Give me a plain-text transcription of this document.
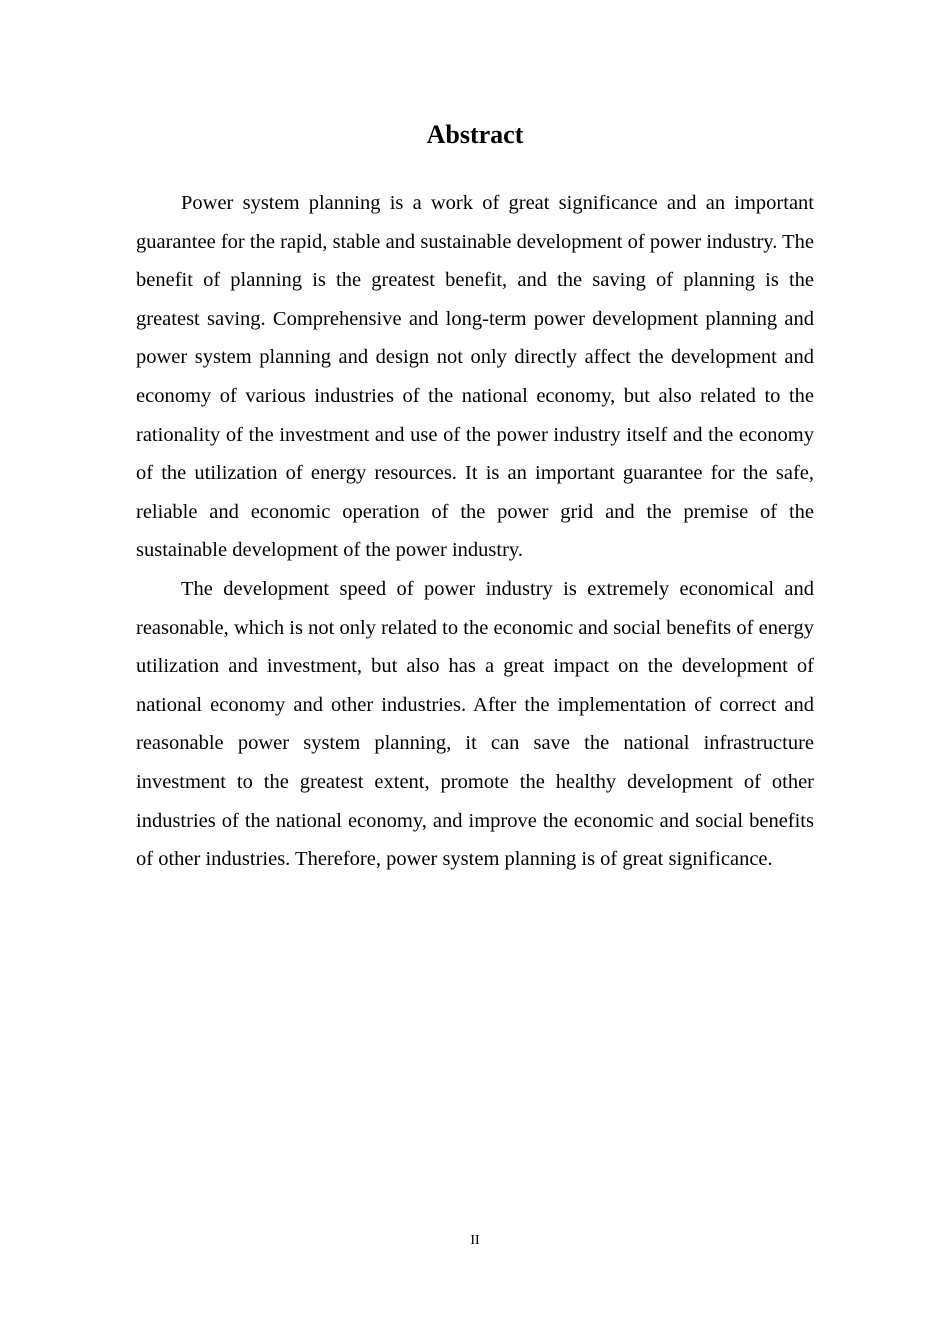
Abstract

Power system planning is a work of great significance and an important guarantee for the rapid, stable and sustainable development of power industry. The benefit of planning is the greatest benefit, and the saving of planning is the greatest saving. Comprehensive and long-term power development planning and power system planning and design not only directly affect the development and economy of various industries of the national economy, but also related to the rationality of the investment and use of the power industry itself and the economy of the utilization of energy resources. It is an important guarantee for the safe, reliable and economic operation of the power grid and the premise of the sustainable development of the power industry.

The development speed of power industry is extremely economical and reasonable, which is not only related to the economic and social benefits of energy utilization and investment, but also has a great impact on the development of national economy and other industries. After the implementation of correct and reasonable power system planning, it can save the national infrastructure investment to the greatest extent, promote the healthy development of other industries of the national economy, and improve the economic and social benefits of other industries. Therefore, power system planning is of great significance.

II
